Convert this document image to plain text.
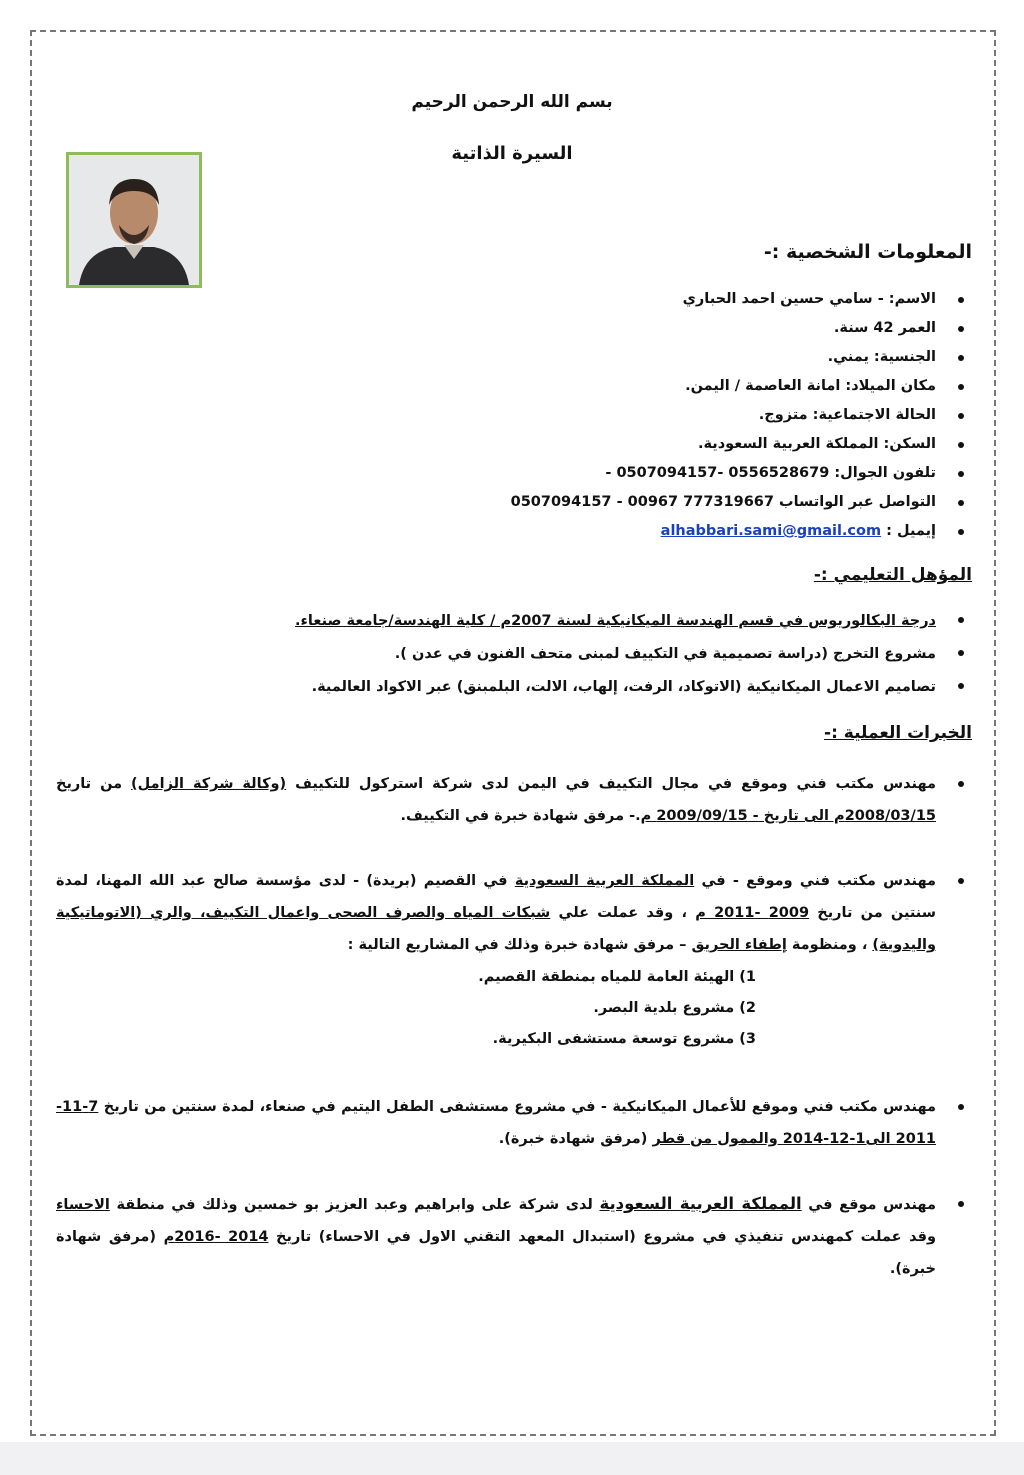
بسم الله الرحمن الرحيم
السيرة الذاتية
المعلومات الشخصية :-
الاسم: - سامي حسين احمد الحباري
العمر 42 سنة.
الجنسية: يمني.
مكان الميلاد: امانة العاصمة / اليمن.
الحالة الاجتماعية: متزوج.
السكن: المملكة العربية السعودية.
تلفون الجوال: 0556528679 -0507094157 -
التواصل عبر الواتساب 777319667 00967 - 0507094157
إيميل : alhabbari.sami@gmail.com
المؤهل التعليمي :-
درجة البكالوريوس في قسم الهندسة الميكانيكية لسنة 2007م / كلية الهندسة/جامعة صنعاء.
مشروع التخرج (دراسة تصميمية في التكييف لمبنى متحف الفنون في عدن ).
تصاميم الاعمال الميكانيكية (الاتوكاد، الرفت، إلهاب، الالت، البلمبنق) عبر الاكواد العالمية.
الخبرات العملية :-
مهندس مكتب فني وموقع في مجال التكييف في اليمن لدى شركة استركول للتكييف (وكالة شركة الزامل) من تاريخ 2008/03/15م الى تاريخ - 2009/09/15 م.- مرفق شهادة خبرة في التكييف.
مهندس مكتب فني وموقع - في المملكة العربية السعودية في القصيم (بريدة) - لدى مؤسسة صالح عبد الله المهنا، لمدة سنتين من تاريخ 2009 -2011 م ، وقد عملت علي شبكات المياه والصرف الصحى واعمال التكييف، والري (الاتوماتيكية واليدوية) ، ومنظومة إطفاء الحريق – مرفق شهادة خبرة وذلك في المشاريع التالية :
1) الهيئة العامة للمياه بمنطقة القصيم.
2) مشروع بلدية البصر.
3) مشروع توسعة مستشفى البكيرية.
مهندس مكتب فني وموقع للأعمال الميكانيكية - في مشروع مستشفى الطفل اليتيم في صنعاء، لمدة سنتين من تاريخ 7-11-2011 الى1-12-2014 والممول من قطر (مرفق شهادة خبرة).
مهندس موقع في المملكة العربية السعودية لدى شركة على وابراهيم وعبد العزيز بو خمسين وذلك في منطقة الاحساء وقد عملت كمهندس تنفيذي في مشروع (استبدال المعهد التقني الاول في الاحساء) تاريخ 2014 -2016م (مرفق شهادة خبرة).
